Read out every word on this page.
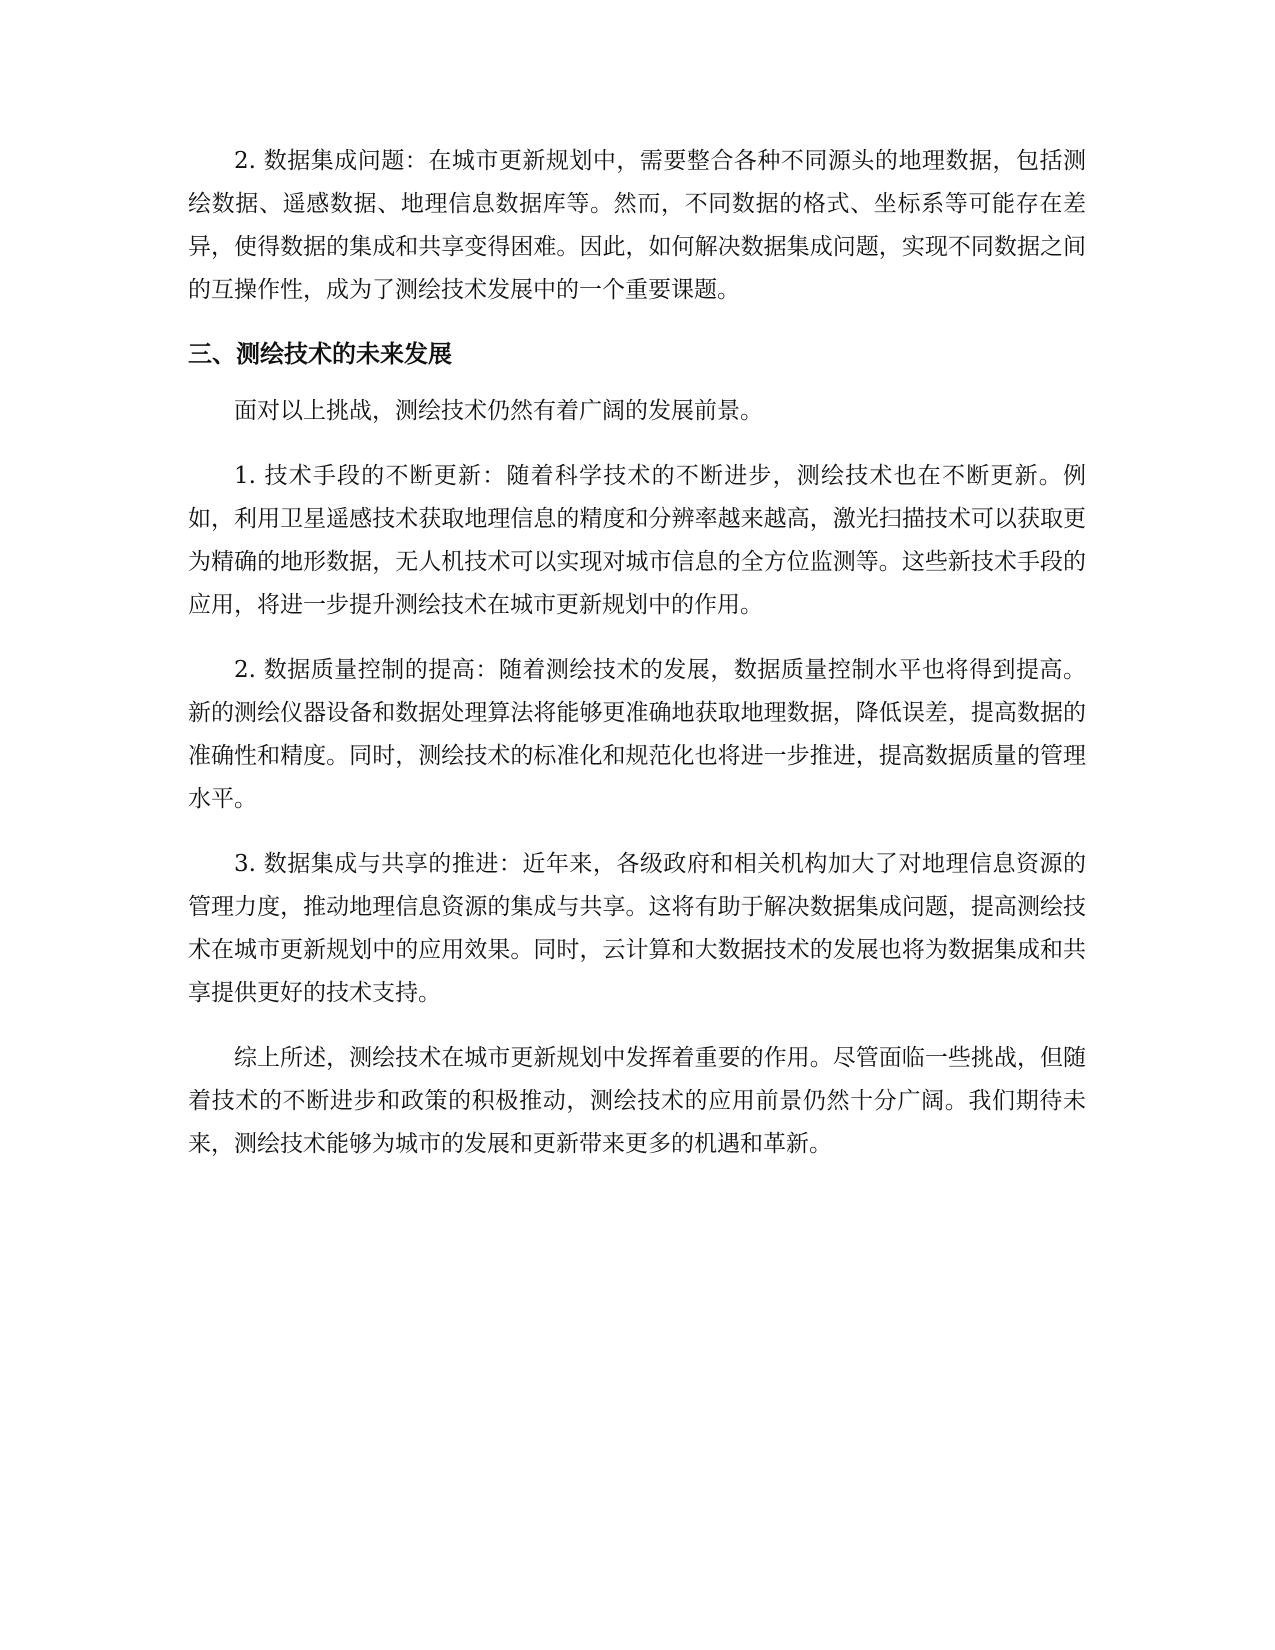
2. 数据集成问题：在城市更新规划中，需要整合各种不同源头的地理数据，包括测绘数据、遥感数据、地理信息数据库等。然而，不同数据的格式、坐标系等可能存在差异，使得数据的集成和共享变得困难。因此，如何解决数据集成问题，实现不同数据之间的互操作性，成为了测绘技术发展中的一个重要课题。

三、测绘技术的未来发展

面对以上挑战，测绘技术仍然有着广阔的发展前景。

1. 技术手段的不断更新：随着科学技术的不断进步，测绘技术也在不断更新。例如，利用卫星遥感技术获取地理信息的精度和分辨率越来越高，激光扫描技术可以获取更为精确的地形数据，无人机技术可以实现对城市信息的全方位监测等。这些新技术手段的应用，将进一步提升测绘技术在城市更新规划中的作用。

2. 数据质量控制的提高：随着测绘技术的发展，数据质量控制水平也将得到提高。新的测绘仪器设备和数据处理算法将能够更准确地获取地理数据，降低误差，提高数据的准确性和精度。同时，测绘技术的标准化和规范化也将进一步推进，提高数据质量的管理水平。

3. 数据集成与共享的推进：近年来，各级政府和相关机构加大了对地理信息资源的管理力度，推动地理信息资源的集成与共享。这将有助于解决数据集成问题，提高测绘技术在城市更新规划中的应用效果。同时，云计算和大数据技术的发展也将为数据集成和共享提供更好的技术支持。

综上所述，测绘技术在城市更新规划中发挥着重要的作用。尽管面临一些挑战，但随着技术的不断进步和政策的积极推动，测绘技术的应用前景仍然十分广阔。我们期待未来，测绘技术能够为城市的发展和更新带来更多的机遇和革新。
